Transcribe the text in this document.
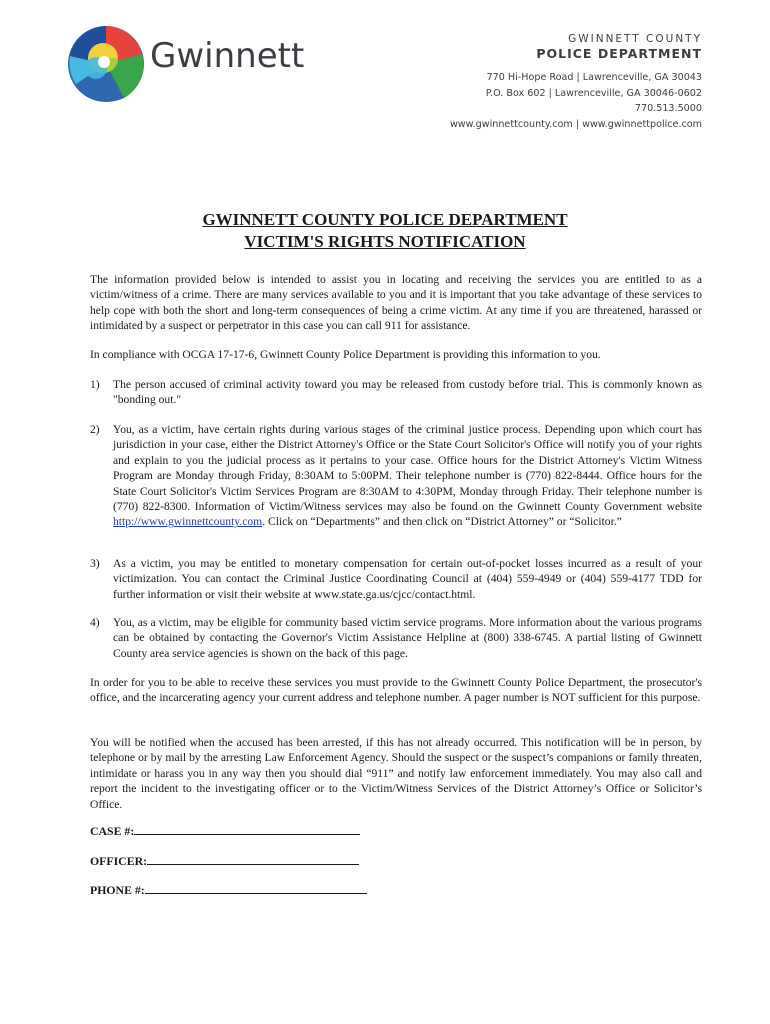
Gwinnett	GWINNETT COUNTY
POLICE DEPARTMENT
770 Hi-Hope Road | Lawrenceville, GA 30043
P.O. Box 602 | Lawrenceville, GA 30046-0602
770.513.5000
www.gwinnettcounty.com | www.gwinnettpolice.com
GWINNETT COUNTY POLICE DEPARTMENT
VICTIM'S RIGHTS NOTIFICATION

The information provided below is intended to assist you in locating and receiving the services you are entitled to as a victim/witness of a crime. There are many services available to you and it is important that you take advantage of these services to help cope with both the short and long-term consequences of being a crime victim. At any time if you are threatened, harassed or intimidated by a suspect or perpetrator in this case you can call 911 for assistance.

In compliance with OCGA 17-17-6, Gwinnett County Police Department is providing this information to you.

1) The person accused of criminal activity toward you may be released from custody before trial. This is commonly known as "bonding out."
2) You, as a victim, have certain rights during various stages of the criminal justice process. Depending upon which court has jurisdiction in your case, either the District Attorney's Office or the State Court Solicitor's Office will notify you of your rights and explain to you the judicial process as it pertains to your case. Office hours for the District Attorney's Victim Witness Program are Monday through Friday, 8:30AM to 5:00PM. Their telephone number is (770) 822-8444. Office hours for the State Court Solicitor's Victim Services Program are 8:30AM to 4:30PM, Monday through Friday. Their telephone number is (770) 822-8300. Information of Victim/Witness services may also be found on the Gwinnett County Government website http://www.gwinnettcounty.com. Click on “Departments” and then click on “District Attorney” or “Solicitor.”
3) As a victim, you may be entitled to monetary compensation for certain out-of-pocket losses incurred as a result of your victimization. You can contact the Criminal Justice Coordinating Council at (404) 559-4949 or (404) 559-4177 TDD for further information or visit their website at www.state.ga.us/cjcc/contact.html.
4) You, as a victim, may be eligible for community based victim service programs. More information about the various programs can be obtained by contacting the Governor's Victim Assistance Helpline at (800) 338-6745. A partial listing of Gwinnett County area service agencies is shown on the back of this page.

In order for you to be able to receive these services you must provide to the Gwinnett County Police Department, the prosecutor's office, and the incarcerating agency your current address and telephone number. A pager number is NOT sufficient for this purpose.

You will be notified when the accused has been arrested, if this has not already occurred. This notification will be in person, by telephone or by mail by the arresting Law Enforcement Agency. Should the suspect or the suspect’s companions or family threaten, intimidate or harass you in any way then you should dial “911” and notify law enforcement immediately. You may also call and report the incident to the investigating officer or to the Victim/Witness Services of the District Attorney’s Office or Solicitor’s Office.

CASE #:
OFFICER:
PHONE #:
